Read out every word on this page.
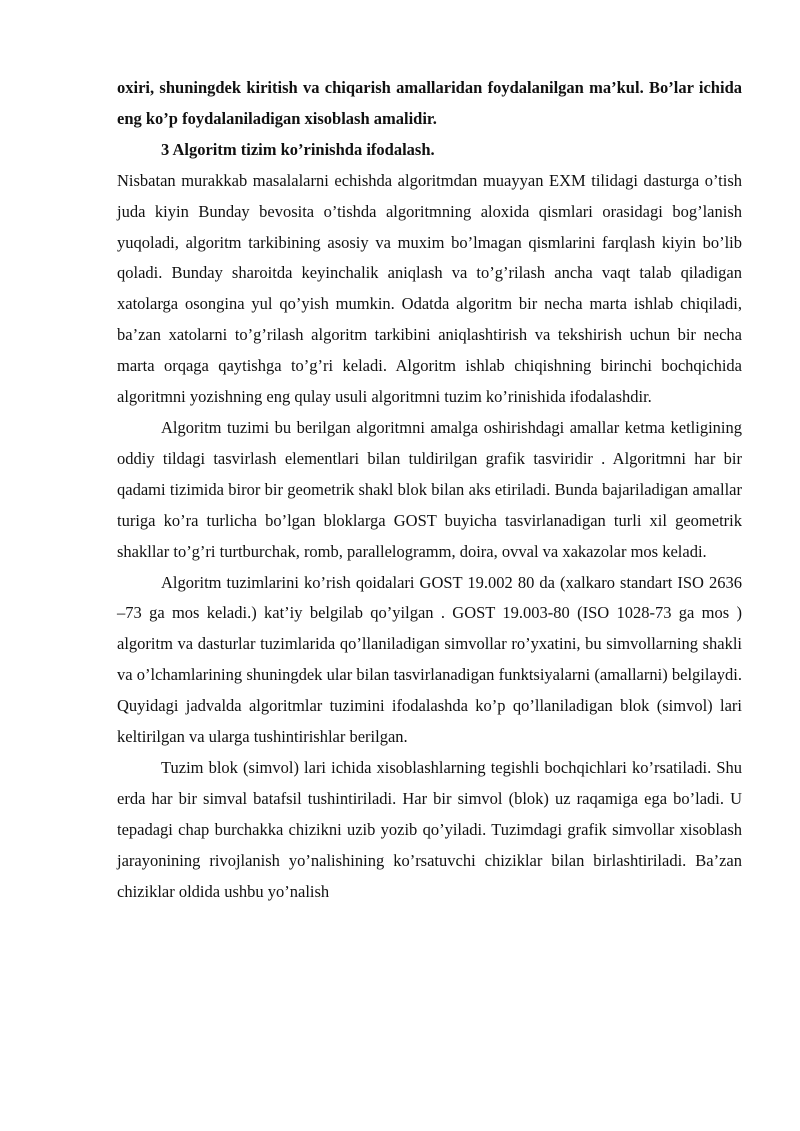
oxiri, shuningdek kiritish va chiqarish amallaridan foydalanilgan ma’kul. Bo’lar ichida eng ko’p foydalaniladigan xisoblash amalidir.

3 Algoritm tizim ko’rinishda ifodalash.

Nisbatan murakkab masalalarni echishda algoritmdan muayyan EXM tilidagi dasturga o’tish juda kiyin Bunday bevosita o’tishda algoritmning aloxida qismlari orasidagi bog’lanish yuqoladi, algoritm tarkibining asosiy va muxim bo’lmagan qismlarini farqlash kiyin bo’lib qoladi. Bunday sharoitda keyinchalik aniqlash va to’g’rilash ancha vaqt talab qiladigan xatolarga osongina yul qo’yish mumkin. Odatda algoritm bir necha marta ishlab chiqiladi, ba’zan xatolarni to’g’rilash algoritm tarkibini aniqlashtirish va tekshirish uchun bir necha marta orqaga qaytishga to’g’ri keladi. Algoritm ishlab chiqishning birinchi bochqichida algoritmni yozishning eng qulay usuli algoritmni tuzim ko’rinishida ifodalashdir.

Algoritm tuzimi bu berilgan algoritmni amalga oshirishdagi amallar ketma ketligining oddiy tildagi tasvirlash elementlari bilan tuldirilgan grafik tasviridir . Algoritmni har bir qadami tizimida biror bir geometrik shakl blok bilan aks etiriladi. Bunda bajariladigan amallar turiga ko’ra turlicha bo’lgan bloklarga GOST buyicha tasvirlanadigan turli xil geometrik shakllar to’g’ri turtburchak, romb, parallelogramm, doira, ovval va xakazolar mos keladi.

Algoritm tuzimlarini ko’rish qoidalari GOST 19.002 80 da (xalkaro standart ISO 2636 –73 ga mos keladi.) kat’iy belgilab qo’yilgan . GOST 19.003-80 (ISO 1028-73 ga mos ) algoritm va dasturlar tuzimlarida qo’llaniladigan simvollar ro’yxatini, bu simvollarning shakli va o’lchamlarining shuningdek ular bilan tasvirlanadigan funktsiyalarni (amallarni) belgilaydi. Quyidagi jadvalda algoritmlar tuzimini ifodalashda ko’p qo’llaniladigan blok (simvol) lari keltirilgan va ularga tushintirishlar berilgan.

Tuzim blok (simvol) lari ichida xisoblashlarning tegishli bochqichlari ko’rsatiladi. Shu erda har bir simval batafsil tushintiriladi. Har bir simvol (blok) uz raqamiga ega bo’ladi. U tepadagi chap burchakka chizikni uzib yozib qo’yiladi. Tuzimdagi grafik simvollar xisoblash jarayonining rivojlanish yo’nalishining ko’rsatuvchi chiziklar bilan birlashtiriladi. Ba’zan chiziklar oldida ushbu yo’nalish
